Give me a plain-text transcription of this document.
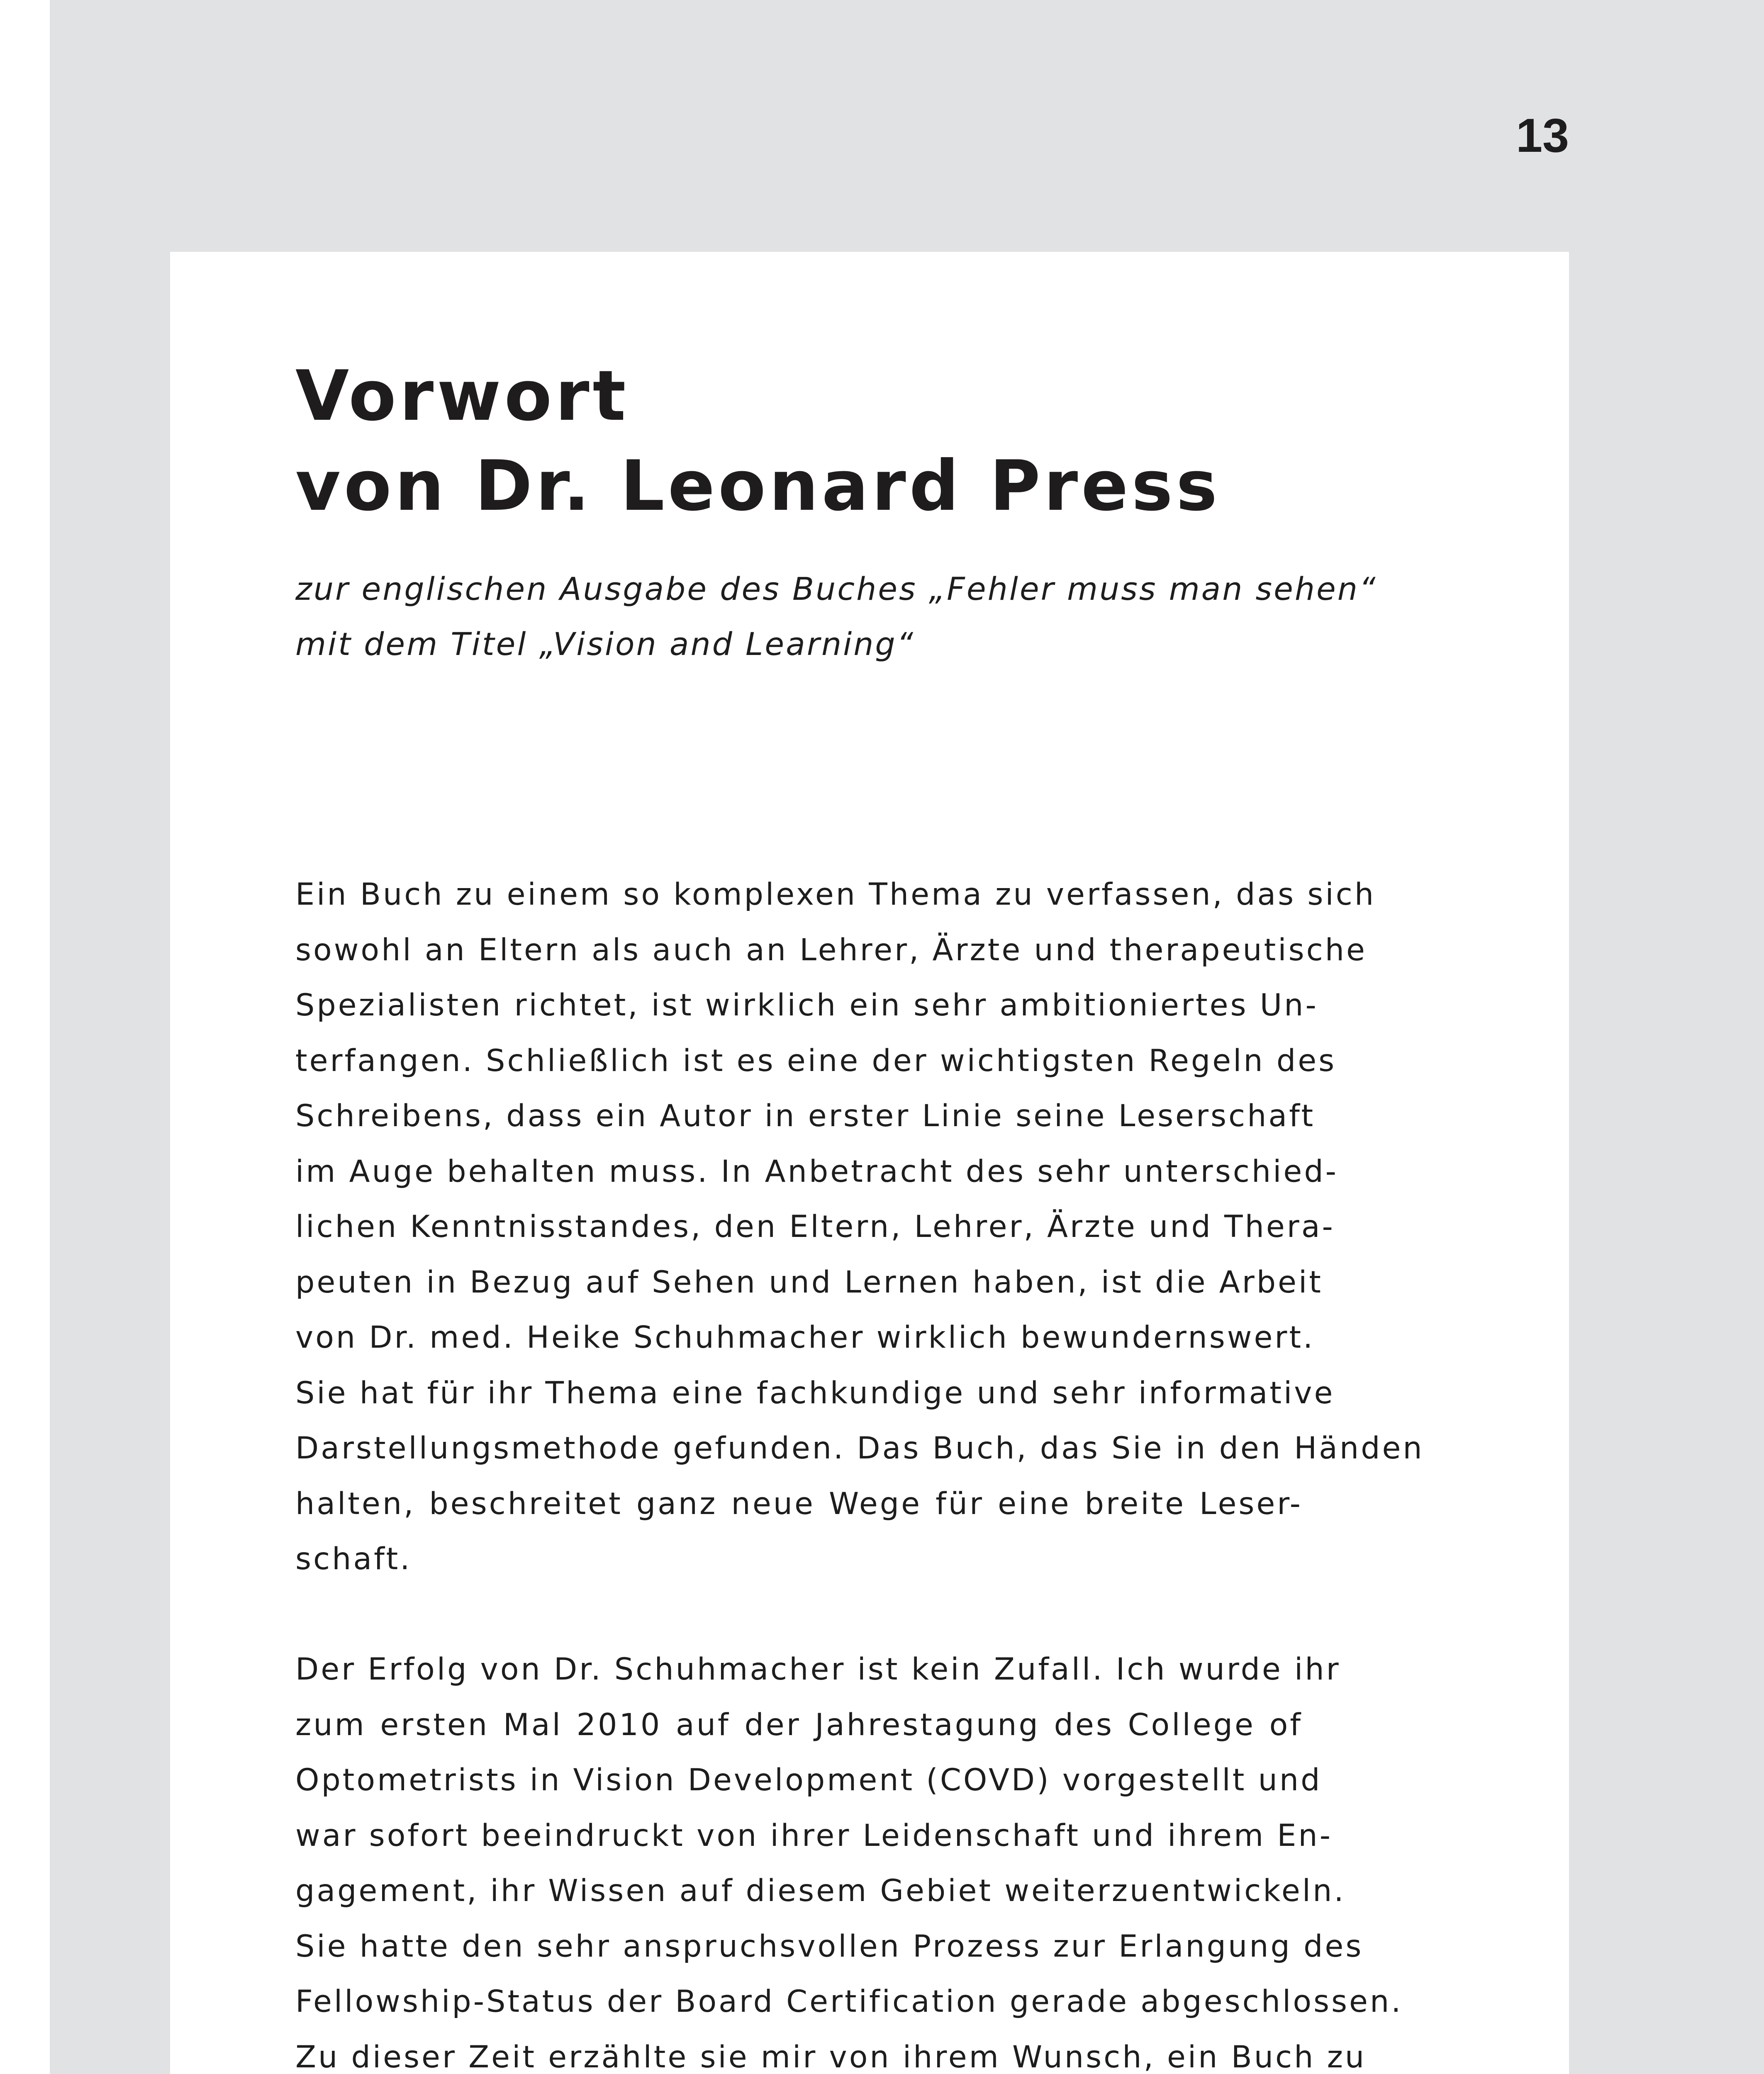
13
Vorwort
von Dr. Leonard Press
zur englischen Ausgabe des Buches „Fehler muss man sehen“
mit dem Titel „Vision and Learning“

Ein Buch zu einem so komplexen Thema zu verfassen, das sich
sowohl an Eltern als auch an Lehrer, Ärzte und therapeutische
Spezialisten richtet, ist wirklich ein sehr ambitioniertes Un-
terfangen. Schließlich ist es eine der wichtigsten Regeln des
Schreibens, dass ein Autor in erster Linie seine Leserschaft
im Auge behalten muss. In Anbetracht des sehr unterschied-
lichen Kenntnisstandes, den Eltern, Lehrer, Ärzte und Thera-
peuten in Bezug auf Sehen und Lernen haben, ist die Arbeit
von Dr. med. Heike Schuhmacher wirklich bewundernswert.
Sie hat für ihr Thema eine fachkundige und sehr informative
Darstellungsmethode gefunden. Das Buch, das Sie in den Händen
halten, beschreitet ganz neue Wege für eine breite Leser-
schaft.

Der Erfolg von Dr. Schuhmacher ist kein Zufall. Ich wurde ihr
zum ersten Mal 2010 auf der Jahrestagung des College of
Optometrists in Vision Development (COVD) vorgestellt und
war sofort beeindruckt von ihrer Leidenschaft und ihrem En-
gagement, ihr Wissen auf diesem Gebiet weiterzuentwickeln.
Sie hatte den sehr anspruchsvollen Prozess zur Erlangung des
Fellowship-Status der Board Certification gerade abgeschlossen.
Zu dieser Zeit erzählte sie mir von ihrem Wunsch, ein Buch zu
